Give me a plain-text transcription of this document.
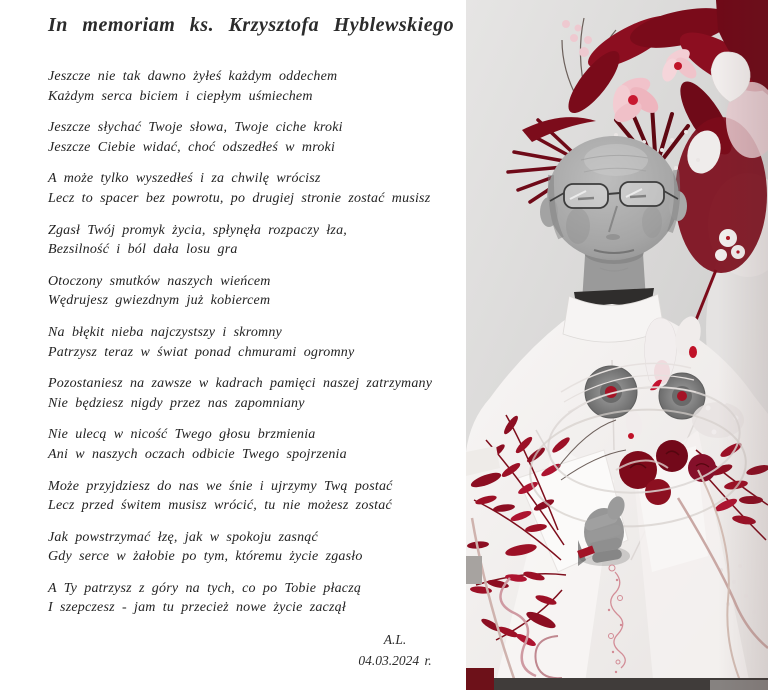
In memoriam ks. Krzysztofa Hyblewskiego
Jeszcze nie tak dawno żyłeś każdym oddechem
Każdym serca biciem i ciepłym uśmiechem
Jeszcze słychać Twoje słowa, Twoje ciche kroki
Jeszcze Ciebie widać, choć odszedłeś w mroki
A może tylko wyszedłeś i za chwilę wrócisz
Lecz to spacer bez powrotu, po drugiej stronie zostać musisz
Zgasł Twój promyk życia, spłynęła rozpaczy łza,
Bezsilność i ból dała losu gra
Otoczony smutków naszych wieńcem
Wędrujesz gwiezdnym już kobiercem
Na błękit nieba najczystszy i skromny
Patrzysz teraz w świat ponad chmurami ogromny
Pozostaniesz na zawsze w kadrach pamięci naszej zatrzymany
Nie będziesz nigdy przez nas zapomniany
Nie ulecą w nicość Twego głosu brzmienia
Ani w naszych oczach odbicie Twego spojrzenia
Może przyjdziesz do nas we śnie i ujrzymy Twą postać
Lecz przed świtem musisz wrócić, tu nie możesz zostać
Jak powstrzymać łzę, jak w spokoju zasnąć
Gdy serce w żałobie po tym, któremu życie zgasło
A Ty patrzysz z góry na tych, co po Tobie płaczą
I szepczesz - jam tu przecież nowe życie zaczął
A.L.
04.03.2024 r.
